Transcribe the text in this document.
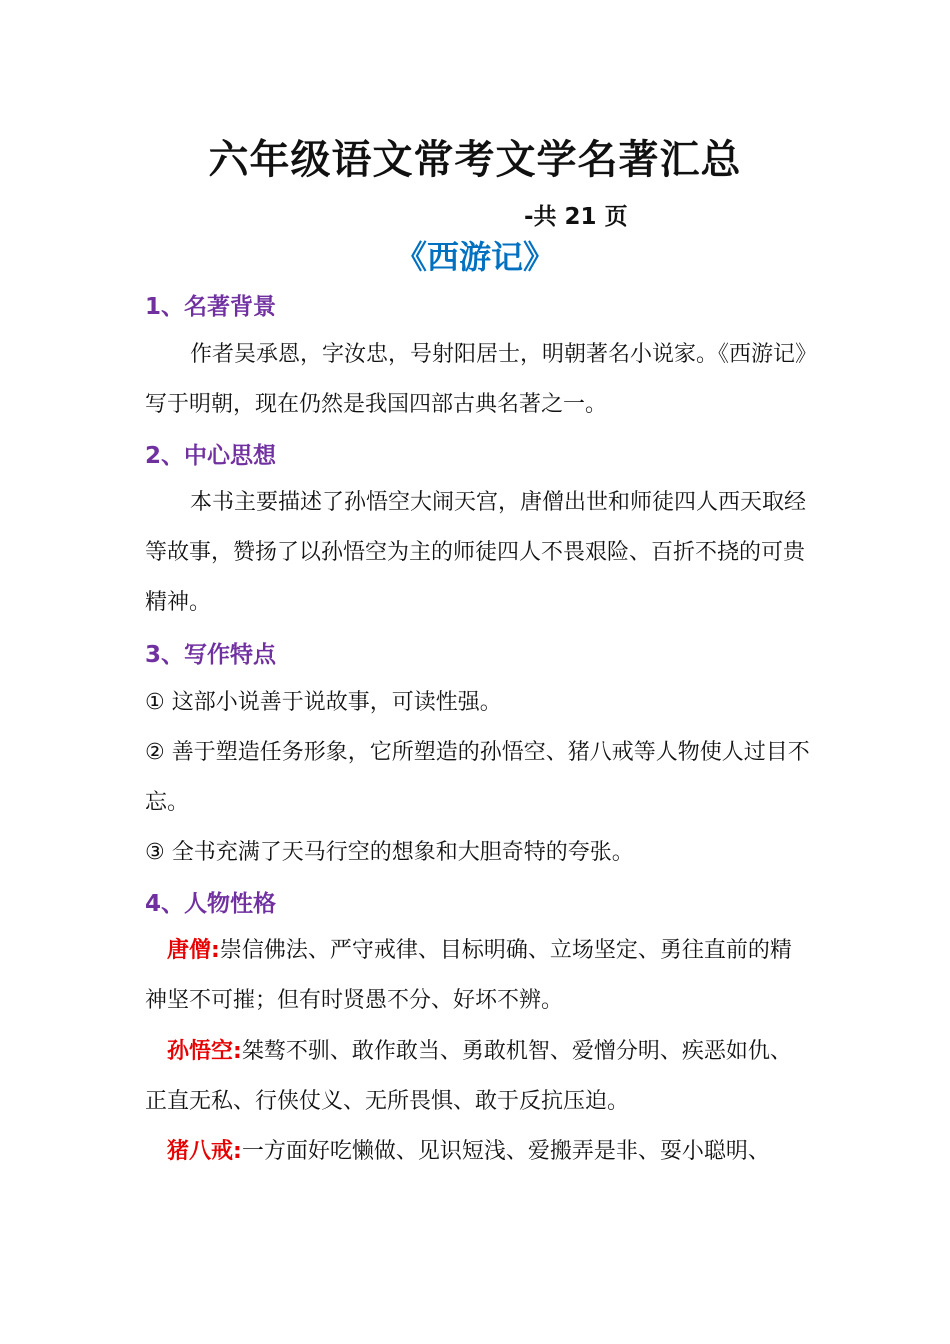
六年级语文常考文学名著汇总
-共 21 页
《西游记》
1、名著背景
作者吴承恩，字汝忠，号射阳居士，明朝著名小说家。《西游记》写于明朝，现在仍然是我国四部古典名著之一。
2、中心思想
本书主要描述了孙悟空大闹天宫，唐僧出世和师徒四人西天取经等故事，赞扬了以孙悟空为主的师徒四人不畏艰险、百折不挠的可贵精神。
3、写作特点
① 这部小说善于说故事，可读性强。
② 善于塑造任务形象，它所塑造的孙悟空、猪八戒等人物使人过目不忘。
③ 全书充满了天马行空的想象和大胆奇特的夸张。
4、人物性格
唐僧:崇信佛法、严守戒律、目标明确、立场坚定、勇往直前的精神坚不可摧；但有时贤愚不分、好坏不辨。
孙悟空:桀骜不驯、敢作敢当、勇敢机智、爱憎分明、疾恶如仇、正直无私、行侠仗义、无所畏惧、敢于反抗压迫。
猪八戒:一方面好吃懒做、见识短浅、爱搬弄是非、耍小聪明、
